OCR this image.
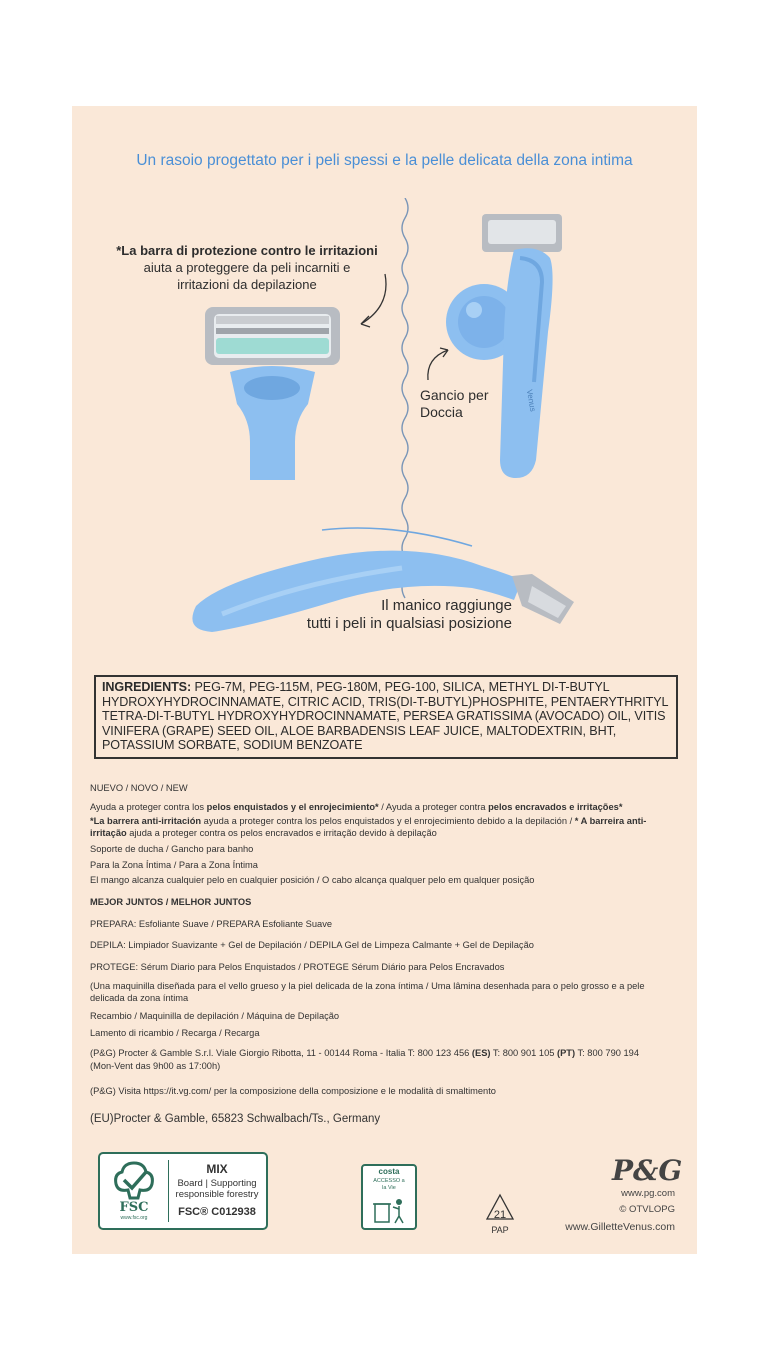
Un rasoio progettato per i peli spessi e la pelle delicata della zona intima
*La barra di protezione contro le irritazioni
aiuta a proteggere da peli incarniti e
irritazioni da depilazione
Venus
Gancio per
Doccia
Il manico raggiunge
tutti i peli in qualsiasi posizione
INGREDIENTS: PEG-7M, PEG-115M, PEG-180M, PEG-100, SILICA, METHYL DI-T-BUTYL HYDROXYHYDROCINNAMATE, CITRIC ACID, TRIS(DI-T-BUTYL)PHOSPHITE, PENTAERYTHRITYL TETRA-DI-T-BUTYL HYDROXYHYDROCINNAMATE, PERSEA GRATISSIMA (AVOCADO) OIL, VITIS VINIFERA (GRAPE) SEED OIL, ALOE BARBADENSIS LEAF JUICE, MALTODEXTRIN, BHT, POTASSIUM SORBATE, SODIUM BENZOATE
NUEVO / NOVO / NEW
Ayuda a proteger contra los pelos enquistados y el enrojecimiento* / Ayuda a proteger contra pelos encravados e irritações*
*La barrera anti-irritación ayuda a proteger contra los pelos enquistados y el enrojecimiento debido a la depilación / * A barreira anti-irritação ajuda a proteger contra os pelos encravados e irritação devido à depilação
Soporte de ducha / Gancho para banho
Para la Zona Íntima / Para a Zona Íntima
El mango alcanza cualquier pelo en cualquier posición / O cabo alcança qualquer pelo em qualquer posição
MEJOR JUNTOS / MELHOR JUNTOS
PREPARA: Esfoliante Suave / PREPARA Esfoliante Suave
DEPILA: Limpiador Suavizante + Gel de Depilación / DEPILA Gel de Limpeza Calmante + Gel de Depilação
PROTEGE: Sérum Diario para Pelos Enquistados / PROTEGE Sérum Diário para Pelos Encravados
(Una maquinilla diseñada para el vello grueso y la piel delicada de la zona íntima / Uma lâmina desenhada para o pelo grosso e a pele delicada da zona íntima
Recambio / Maquinilla de depilación / Máquina de Depilação
Lamento di ricambio / Recarga / Recarga
(P&G) Procter & Gamble S.r.l. Viale Giorgio Ribotta, 11 - 00144 Roma - Italia T: 800 123 456 (ES) T: 800 901 105 (PT) T: 800 790 194
(Mon-Vent das 9h00 as 17:00h)
(P&G) Visita https://it.vg.com/ per la composizione della composizione e le modalità di smaltimento
(EU)Procter & Gamble, 65823 Schwalbach/Ts., Germany
FSC
www.fsc.org
MIX
Board | Supporting
responsible forestry
FSC® C012938
costa
ACCESSO a
la Vie
21
PAP
P&G
www.pg.com
© OTVLOPG
www.GilletteVenus.com
